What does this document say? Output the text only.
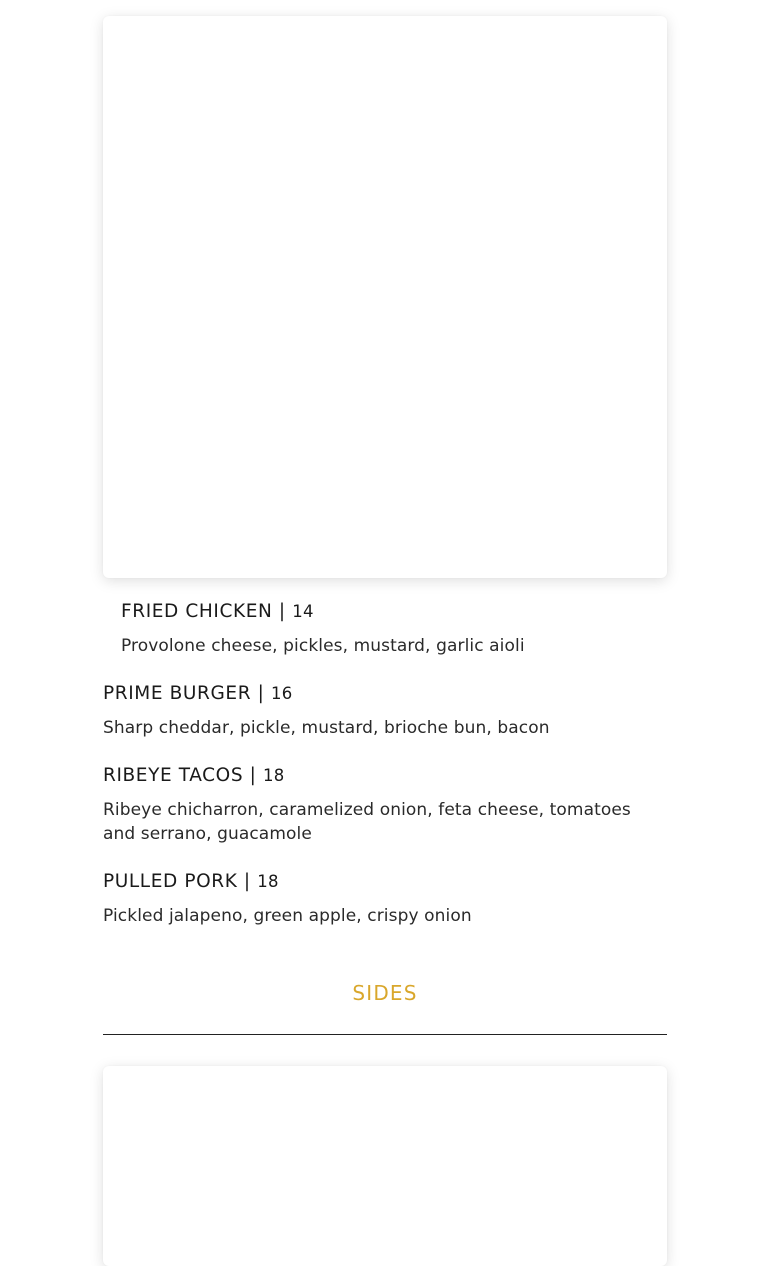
FRIED CHICKEN | 14
Provolone cheese, pickles, mustard, garlic aioli
PRIME BURGER | 16
Sharp cheddar, pickle, mustard, brioche bun, bacon
RIBEYE TACOS | 18
Ribeye chicharron, caramelized onion, feta cheese, tomatoes and serrano, guacamole
PULLED PORK | 18
Pickled jalapeno, green apple, crispy onion
SIDES
